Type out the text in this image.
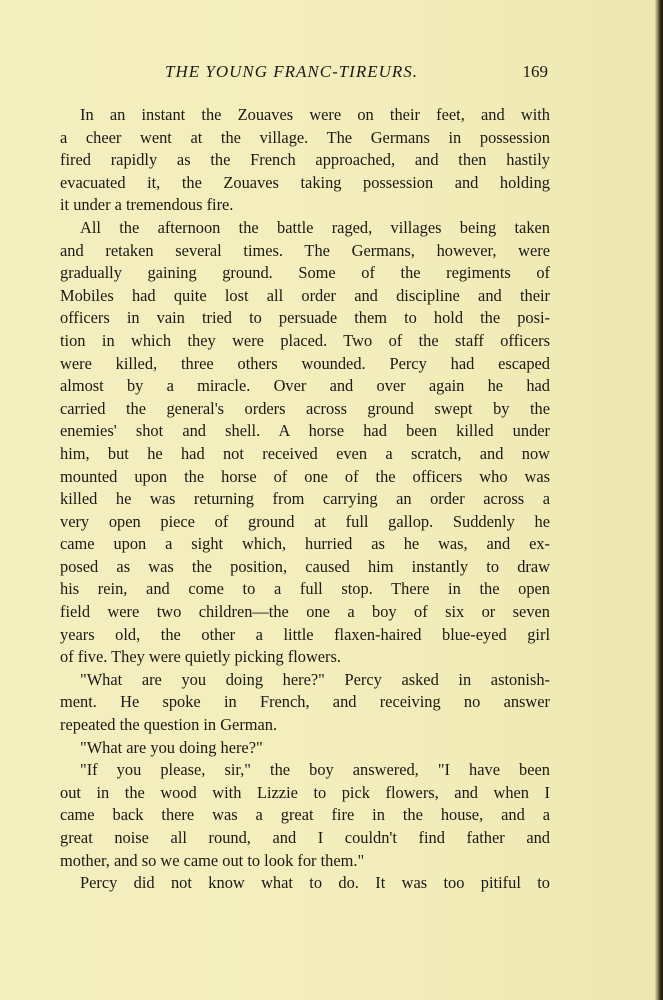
THE YOUNG FRANC-TIREURS.	169
In an instant the Zouaves were on their feet, and with
a cheer went at the village. The Germans in possession
fired rapidly as the French approached, and then hastily
evacuated it, the Zouaves taking possession and holding
it under a tremendous fire.
All the afternoon the battle raged, villages being taken
and retaken several times. The Germans, however, were
gradually gaining ground. Some of the regiments of
Mobiles had quite lost all order and discipline and their
officers in vain tried to persuade them to hold the posi-
tion in which they were placed. Two of the staff officers
were killed, three others wounded. Percy had escaped
almost by a miracle. Over and over again he had
carried the general's orders across ground swept by the
enemies' shot and shell. A horse had been killed under
him, but he had not received even a scratch, and now
mounted upon the horse of one of the officers who was
killed he was returning from carrying an order across a
very open piece of ground at full gallop. Suddenly he
came upon a sight which, hurried as he was, and ex-
posed as was the position, caused him instantly to draw
his rein, and come to a full stop. There in the open
field were two children—the one a boy of six or seven
years old, the other a little flaxen-haired blue-eyed girl
of five. They were quietly picking flowers.
"What are you doing here?" Percy asked in astonish-
ment. He spoke in French, and receiving no answer
repeated the question in German.
"What are you doing here?"
"If you please, sir," the boy answered, "I have been
out in the wood with Lizzie to pick flowers, and when I
came back there was a great fire in the house, and a
great noise all round, and I couldn't find father and
mother, and so we came out to look for them."
Percy did not know what to do. It was too pitiful to
